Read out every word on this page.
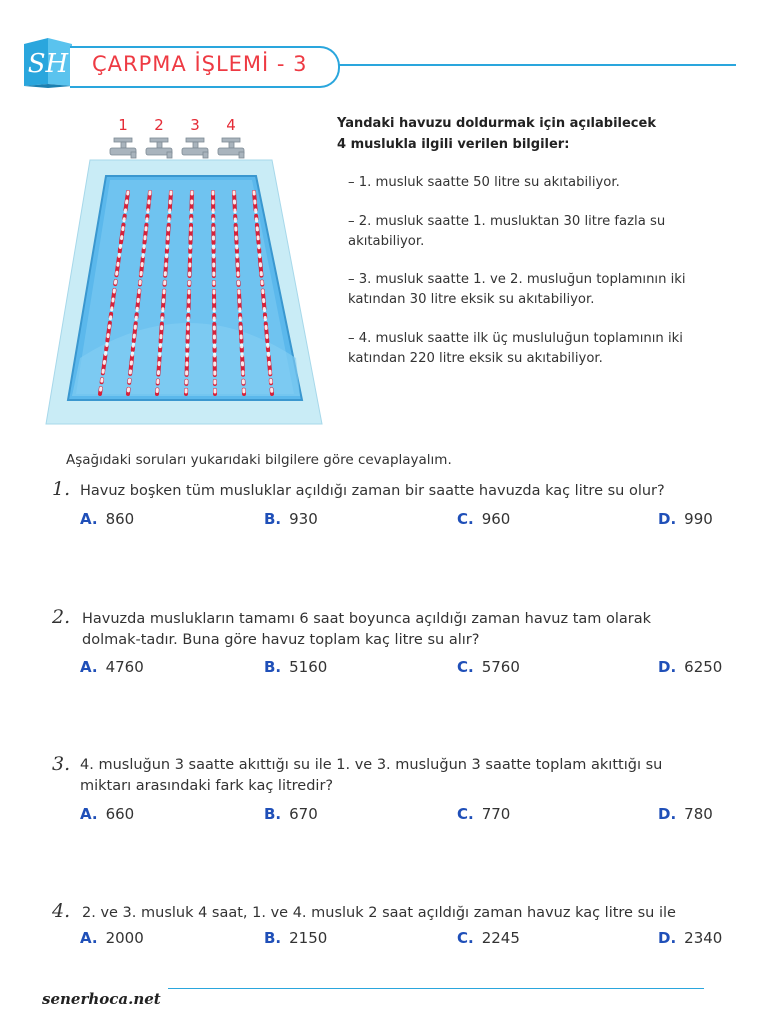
SH ÇARPMA İŞLEMİ - 3
1 2 3 4	Yandaki havuzu doldurmak için açılabilecek
4 muslukla ilgili verilen bilgiler:
– 1. musluk saatte 50 litre su akıtabiliyor.
– 2. musluk saatte 1. musluktan 30 litre fazla su akıtabiliyor.
– 3. musluk saatte 1. ve 2. musluğun toplamının iki katından 30 litre eksik su akıtabiliyor.
– 4. musluk saatte ilk üç musluluğun toplamının iki katından 220 litre eksik su akıtabiliyor.
Aşağıdaki soruları yukarıdaki bilgilere göre cevaplayalım.
1. Havuz boşken tüm musluklar açıldığı zaman bir saatte havuzda kaç litre su olur?
A. 860	B. 930	C. 960	D. 990
2. Havuzda muslukların tamamı 6 saat boyunca açıldığı zaman havuz tam olarak dolmak-tadır. Buna göre havuz toplam kaç litre su alır?
A. 4760	B. 5160	C. 5760	D. 6250
3. 4. musluğun 3 saatte akıttığı su ile 1. ve 3. musluğun 3 saatte toplam akıttığı su miktarı arasındaki fark kaç litredir?
A. 660	B. 670	C. 770	D. 780
4. 2. ve 3. musluk 4 saat, 1. ve 4. musluk 2 saat açıldığı zaman havuz kaç litre su ile
A. 2000	B. 2150	C. 2245	D. 2340
senerhoca.net
